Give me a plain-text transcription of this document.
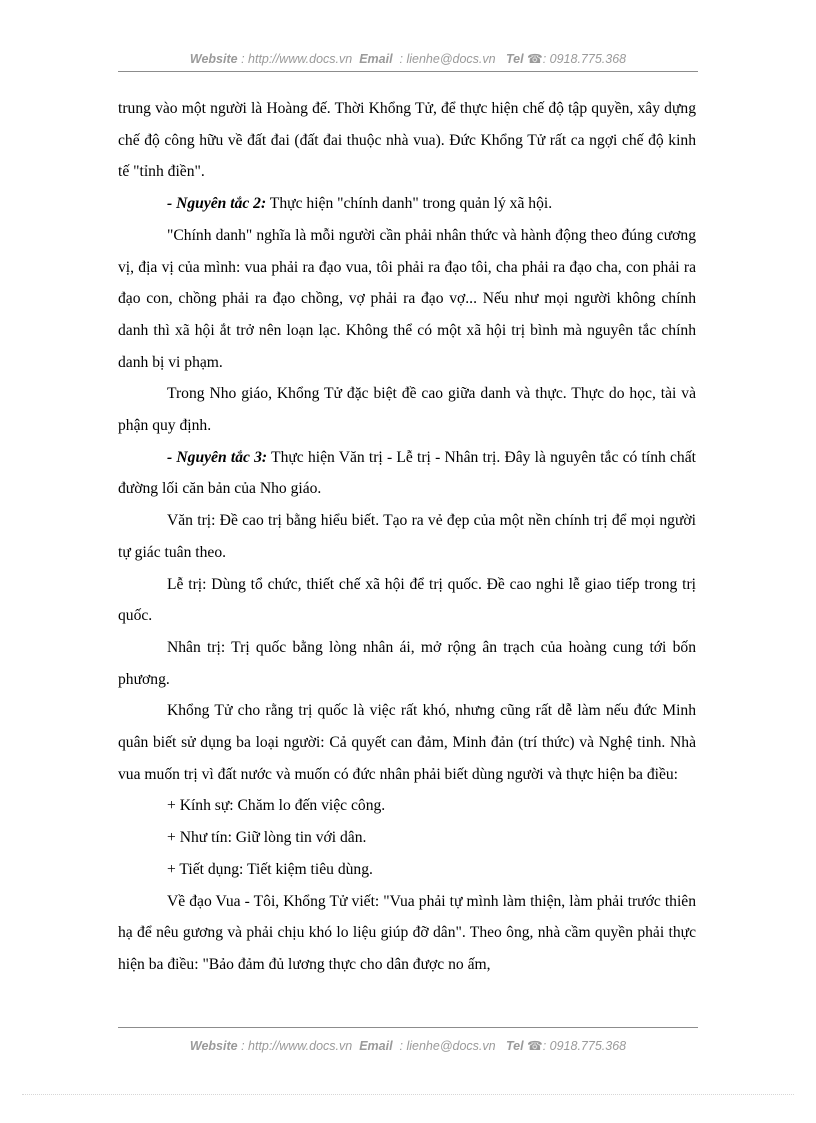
Website : http://www.docs.vn Email : lienhe@docs.vn Tel ☎: 0918.775.368

trung vào một người là Hoàng đế. Thời Khổng Tử, để thực hiện chế độ tập quyền, xây dựng chế độ công hữu về đất đai (đất đai thuộc nhà vua). Đức Khổng Tử rất ca ngợi chế độ kinh tế "tỉnh điền".

- Nguyên tắc 2: Thực hiện "chính danh" trong quản lý xã hội.

"Chính danh" nghĩa là mỗi người cần phải nhân thức và hành động theo đúng cương vị, địa vị của mình: vua phải ra đạo vua, tôi phải ra đạo tôi, cha phải ra đạo cha, con phải ra đạo con, chồng phải ra đạo chồng, vợ phải ra đạo vợ... Nếu như mọi người không chính danh thì xã hội ắt trở nên loạn lạc. Không thể có một xã hội trị bình mà nguyên tắc chính danh bị vi phạm.

Trong Nho giáo, Khổng Tử đặc biệt đề cao giữa danh và thực. Thực do học, tài và phận quy định.

- Nguyên tắc 3: Thực hiện Văn trị - Lễ trị - Nhân trị. Đây là nguyên tắc có tính chất đường lối căn bản của Nho giáo.

Văn trị: Đề cao trị bằng hiểu biết. Tạo ra vẻ đẹp của một nền chính trị để mọi người tự giác tuân theo.

Lễ trị: Dùng tổ chức, thiết chế xã hội để trị quốc. Đề cao nghi lễ giao tiếp trong trị quốc.

Nhân trị: Trị quốc bằng lòng nhân ái, mở rộng ân trạch của hoàng cung tới bốn phương.

Khổng Tử cho rằng trị quốc là việc rất khó, nhưng cũng rất dễ làm nếu đức Minh quân biết sử dụng ba loại người: Cả quyết can đảm, Minh đản (trí thức) và Nghệ tinh. Nhà vua muốn trị vì đất nước và muốn có đức nhân phải biết dùng người và thực hiện ba điều:

+ Kính sự: Chăm lo đến việc công.

+ Như tín: Giữ lòng tin với dân.

+ Tiết dụng: Tiết kiệm tiêu dùng.

Về đạo Vua - Tôi, Khổng Tử viết: "Vua phải tự mình làm thiện, làm phải trước thiên hạ để nêu gương và phải chịu khó lo liệu giúp đỡ dân". Theo ông, nhà cầm quyền phải thực hiện ba điều: "Bảo đảm đủ lương thực cho dân được no ấm,

Website : http://www.docs.vn Email : lienhe@docs.vn Tel ☎: 0918.775.368
